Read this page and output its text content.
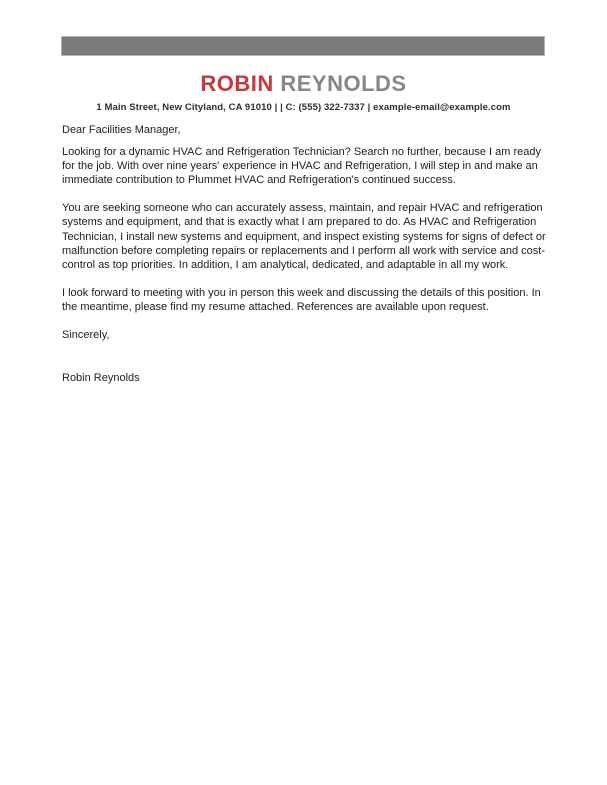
ROBIN REYNOLDS
1 Main Street, New Cityland, CA 91010 | | C: (555) 322-7337 | example-email@example.com

Dear Facilities Manager,

Looking for a dynamic HVAC and Refrigeration Technician? Search no further, because I am ready for the job. With over nine years' experience in HVAC and Refrigeration, I will step in and make an immediate contribution to Plummet HVAC and Refrigeration's continued success.

You are seeking someone who can accurately assess, maintain, and repair HVAC and refrigeration systems and equipment, and that is exactly what I am prepared to do. As HVAC and Refrigeration Technician, I install new systems and equipment, and inspect existing systems for signs of defect or malfunction before completing repairs or replacements and I perform all work with service and cost-control as top priorities. In addition, I am analytical, dedicated, and adaptable in all my work.

I look forward to meeting with you in person this week and discussing the details of this position. In the meantime, please find my resume attached. References are available upon request.

Sincerely,

Robin Reynolds
